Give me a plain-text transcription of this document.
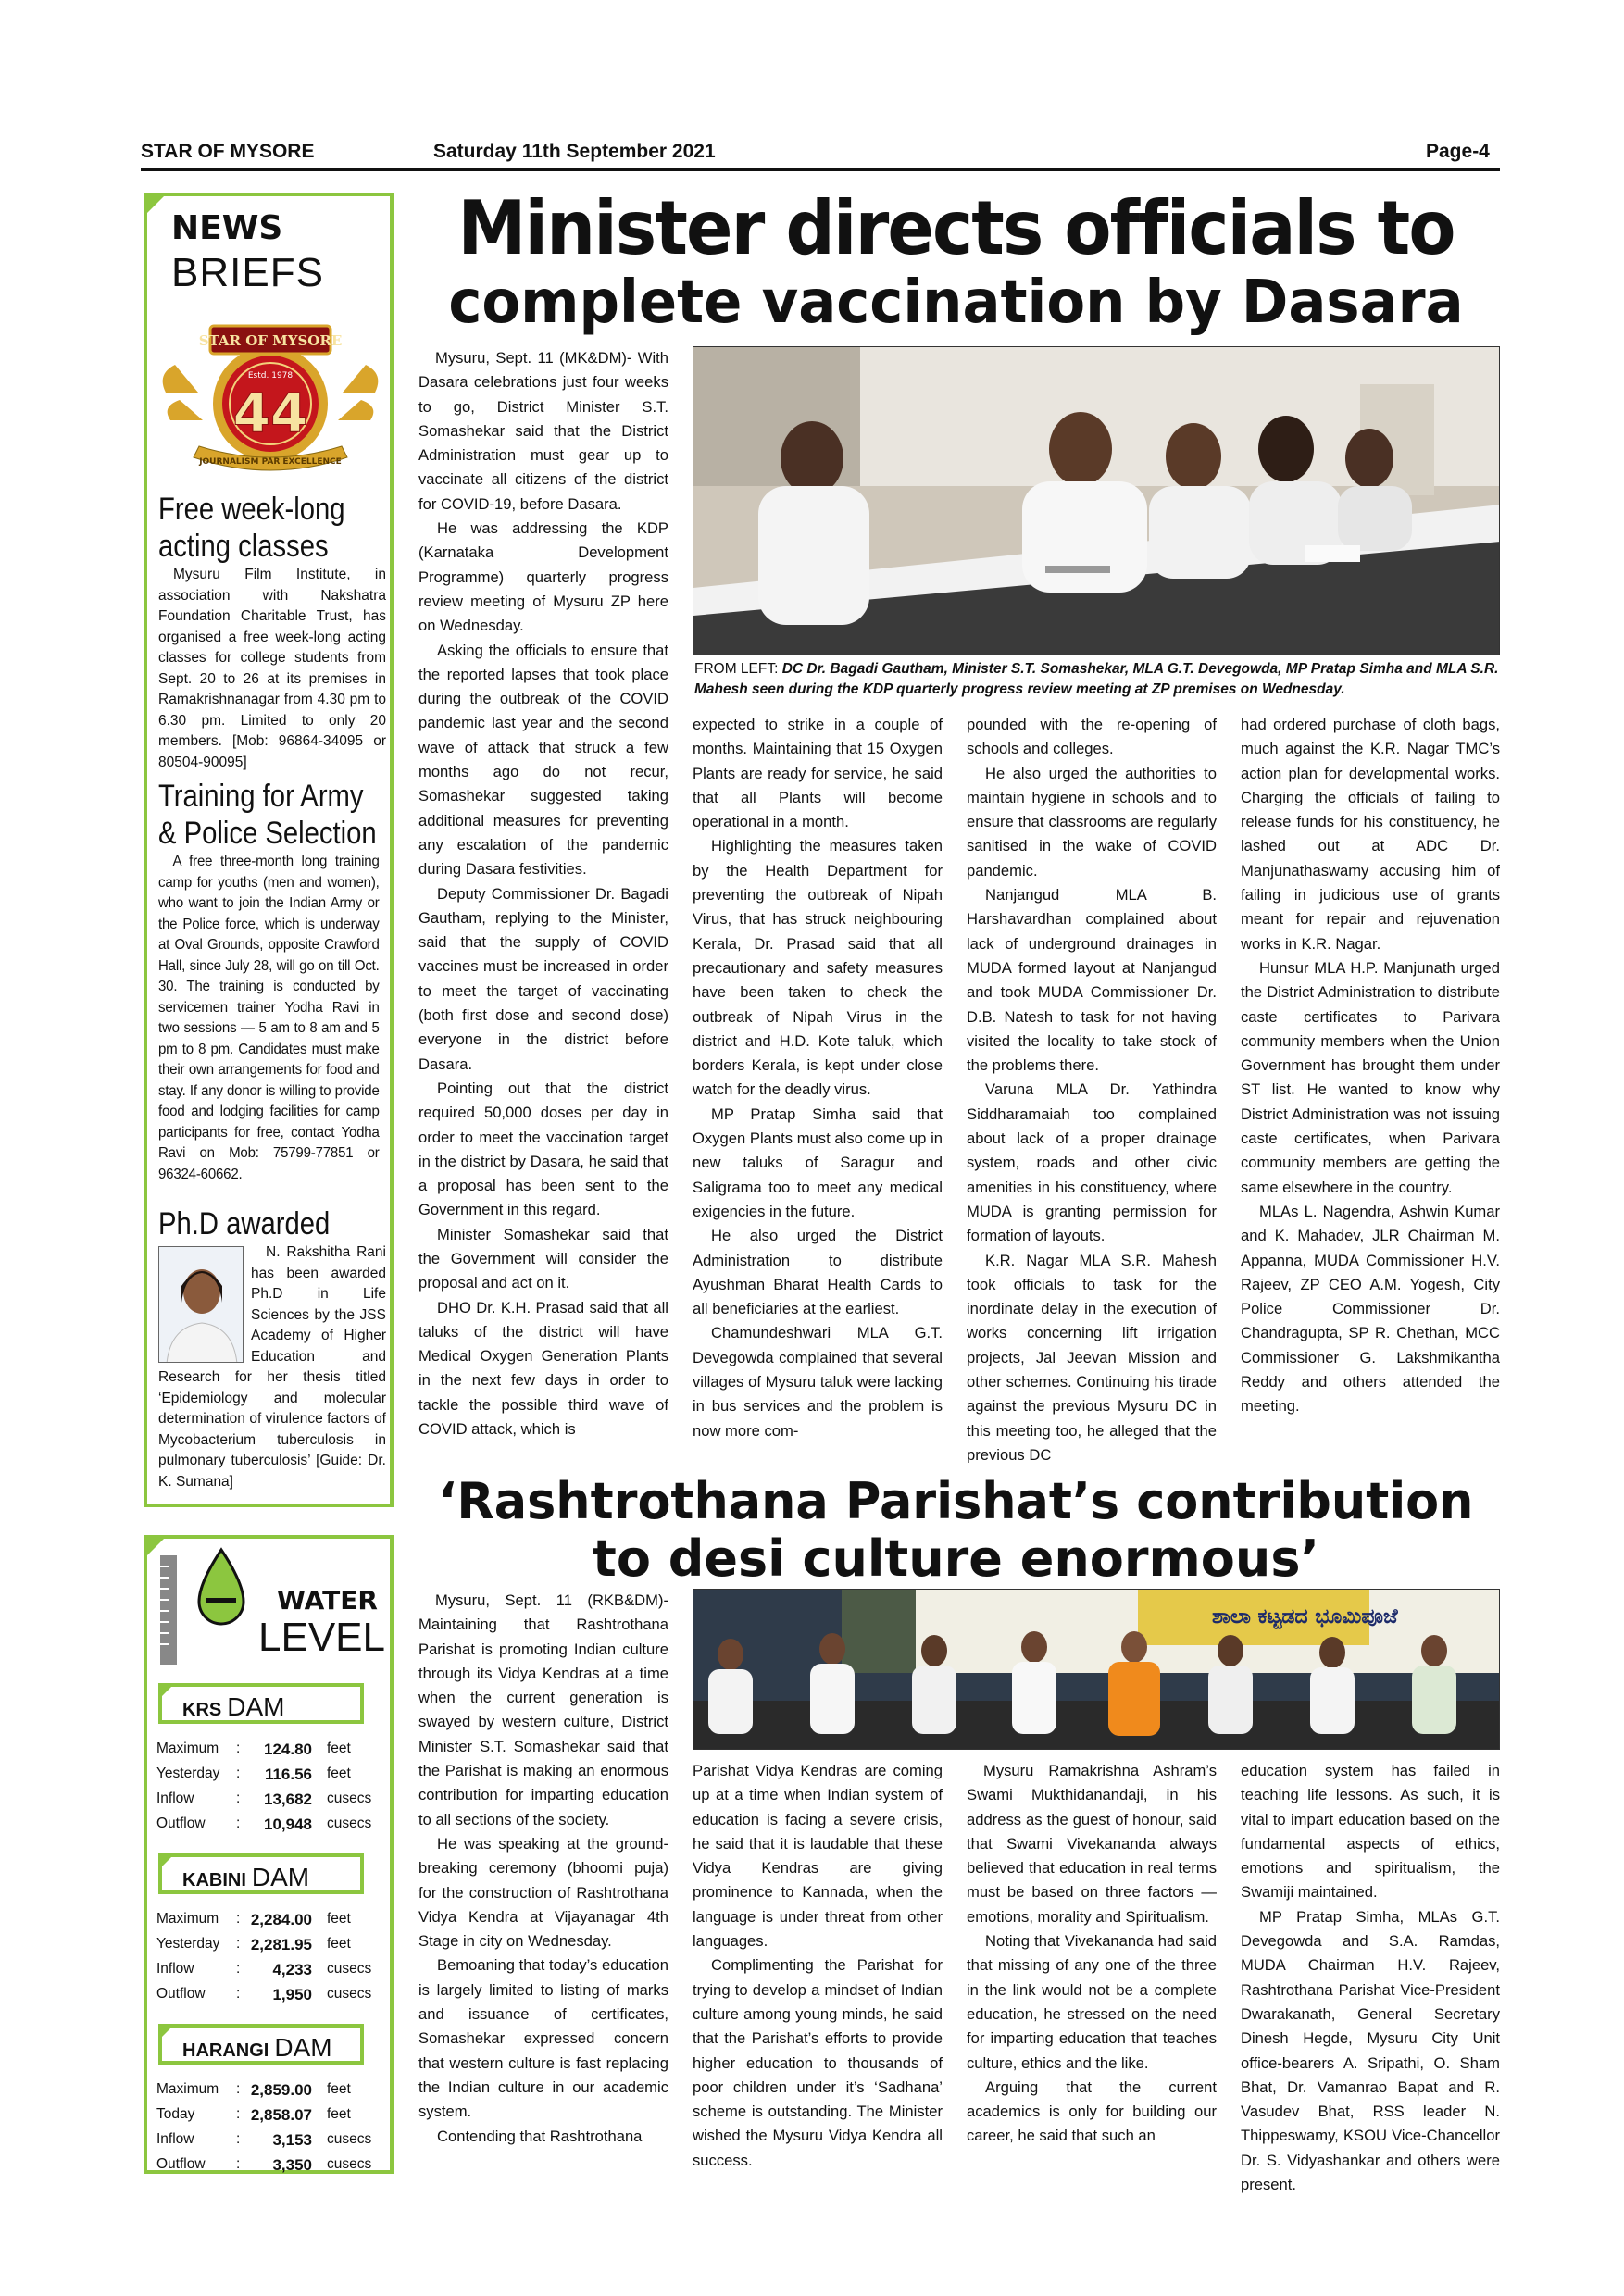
STAR OF MYSORE	Saturday 11th September 2021	Page-4
NEWS
BRIEFS
STAR OF MYSORE
Estd. 1978
44
JOURNALISM PAR EXCELLENCE
Free week-long
acting classes
Mysuru Film Institute, in association with Nakshatra Foundation Charitable Trust, has organised a free week-long acting classes for college students from Sept. 20 to 26 at its premises in Ramakrishnanagar from 4.30 pm to 6.30 pm. Limited to only 20 members. [Mob: 96864-34095 or 80504-90095]
Training for Army
& Police Selection
A free three-month long training camp for youths (men and women), who want to join the Indian Army or the Police force, which is underway at Oval Grounds, opposite Crawford Hall, since July 28, will go on till Oct. 30. The training is conducted by servicemen trainer Yodha Ravi in two sessions — 5 am to 8 am and 5 pm to 8 pm. Candidates must make their own arrangements for food and stay. If any donor is willing to provide food and lodging facilities for camp participants for free, contact Yodha Ravi on Mob: 75799-77851 or 96324-60662.
Ph.D awarded
N. Rakshitha Rani has been awarded Ph.D in Life Sciences by the JSS Academy of Higher Education and Research for her thesis titled ‘Epidemiology and molecular determination of virulence factors of Mycobacterium tuberculosis in pulmonary tuberculosis’ [Guide: Dr. K. Sumana]
WATER
LEVEL
KRS DAM
Maximum : 124.80 feet
Yesterday : 116.56 feet
Inflow	: 13,682 cusecs
Outflow : 10,948 cusecs
KABINI DAM
Maximum : 2,284.00 feet
Yesterday : 2,281.95 feet
Inflow	: 4,233 cusecs
Outflow : 1,950 cusecs
HARANGI DAM
Maximum : 2,859.00 feet
Today	: 2,858.07 feet
Inflow	: 3,153 cusecs
Outflow : 3,350 cusecs
Minister directs officials to
complete vaccination by Dasara

Mysuru, Sept. 11 (MK&DM)- With Dasara celebrations just four weeks to go, District Minister S.T. Somashekar said that the District Administration must gear up to vaccinate all citizens of the district for COVID-19, before Dasara.

He was addressing the KDP (Karnataka Development Programme) quarterly progress review meeting of Mysuru ZP here on Wednesday.

Asking the officials to ensure that the reported lapses that took place during the outbreak of the COVID pandemic last year and the second wave of attack that struck a few months ago do not recur, Somashekar suggested taking additional measures for preventing any escalation of the pandemic during Dasara festivities.

Deputy Commissioner Dr. Bagadi Gautham, replying to the Minister, said that the supply of COVID vaccines must be increased in order to meet the target of vaccinating (both first dose and second dose) everyone in the district before Dasara.

Pointing out that the district required 50,000 doses per day in order to meet the vaccination target in the district by Dasara, he said that a proposal has been sent to the Government in this regard.

Minister Somashekar said that the Government will consider the proposal and act on it.

DHO Dr. K.H. Prasad said that all taluks of the district will have Medical Oxygen Generation Plants in the next few days in order to tackle the possible third wave of COVID attack, which is

FROM LEFT: DC Dr. Bagadi Gautham, Minister S.T. Somashekar, MLA G.T. Devegowda, MP Pratap Simha and MLA S.R. Mahesh seen during the KDP quarterly progress review meeting at ZP premises on Wednesday.

expected to strike in a couple of months. Maintaining that 15 Oxygen Plants are ready for service, he said that all Plants will become operational in a month.

Highlighting the measures taken by the Health Department for preventing the outbreak of Nipah Virus, that has struck neighbouring Kerala, Dr. Prasad said that all precautionary and safety measures have been taken to check the outbreak of Nipah Virus in the district and H.D. Kote taluk, which borders Kerala, is kept under close watch for the deadly virus.

MP Pratap Simha said that Oxygen Plants must also come up in new taluks of Saragur and Saligrama too to meet any medical exigencies in the future.

He also urged the District Administration to distribute Ayushman Bharat Health Cards to all beneficiaries at the earliest.

Chamundeshwari MLA G.T. Devegowda complained that several villages of Mysuru taluk were lacking in bus services and the problem is now more com-

pounded with the re-opening of schools and colleges.

He also urged the authorities to maintain hygiene in schools and to ensure that classrooms are regularly sanitised in the wake of COVID pandemic.

Nanjangud MLA B. Harshavardhan complained about lack of underground drainages in MUDA formed layout at Nanjangud and took MUDA Commissioner Dr. D.B. Natesh to task for not having visited the locality to take stock of the problems there.

Varuna MLA Dr. Yathindra Siddharamaiah too complained about lack of a proper drainage system, roads and other civic amenities in his constituency, where MUDA is granting permission for formation of layouts.

K.R. Nagar MLA S.R. Mahesh took officials to task for the inordinate delay in the execution of works concerning lift irrigation projects, Jal Jeevan Mission and other schemes. Continuing his tirade against the previous Mysuru DC in this meeting too, he alleged that the previous DC

had ordered purchase of cloth bags, much against the K.R. Nagar TMC’s action plan for developmental works. Charging the officials of failing to release funds for his constituency, he lashed out at ADC Dr. Manjunathaswamy accusing him of failing in judicious use of grants meant for repair and rejuvenation works in K.R. Nagar.

Hunsur MLA H.P. Manjunath urged the District Administration to distribute caste certificates to Parivara community members when the Union Government has brought them under ST list. He wanted to know why District Administration was not issuing caste certificates, when Parivara community members are getting the same elsewhere in the country.

MLAs L. Nagendra, Ashwin Kumar and K. Mahadev, JLR Chairman M. Appanna, MUDA Commissioner H.V. Rajeev, ZP CEO A.M. Yogesh, City Police Commissioner Dr. Chandragupta, SP R. Chethan, MCC Commissioner G. Lakshmikantha Reddy and others attended the meeting.

‘Rashtrothana Parishat’s contribution
to desi culture enormous’

Mysuru, Sept. 11 (RKB&DM)- Maintaining that Rashtrothana Parishat is promoting Indian culture through its Vidya Kendras at a time when the current generation is swayed by western culture, District Minister S.T. Somashekar said that the Parishat is making an enormous contribution for imparting education to all sections of the society.

He was speaking at the ground-breaking ceremony (bhoomi puja) for the construction of Rashtrothana Vidya Kendra at Vijayanagar 4th Stage in city on Wednesday.

Bemoaning that today’s education is largely limited to listing of marks and issuance of certificates, Somashekar expressed concern that western culture is fast replacing the Indian culture in our academic system.

Contending that Rashtrothana

ಶಾಲಾ ಕಟ್ಟಡದ ಭೂಮಿಪೂಜೆ

Parishat Vidya Kendras are coming up at a time when Indian system of education is facing a severe crisis, he said that it is laudable that these Vidya Kendras are giving prominence to Kannada, when the language is under threat from other languages.

Complimenting the Parishat for trying to develop a mindset of Indian culture among young minds, he said that the Parishat’s efforts to provide higher education to thousands of poor children under it’s ‘Sadhana’ scheme is outstanding. The Minister wished the Mysuru Vidya Kendra all success.

Mysuru Ramakrishna Ashram’s Swami Mukthidanandaji, in his address as the guest of honour, said that Swami Vivekananda always believed that education in real terms must be based on three factors — emotions, morality and Spiritualism.

Noting that Vivekananda had said that missing of any one of the three in the link would not be a complete education, he stressed on the need for imparting education that teaches culture, ethics and the like.

Arguing that the current academics is only for building our career, he said that such an

education system has failed in teaching life lessons. As such, it is vital to impart education based on the fundamental aspects of ethics, emotions and spiritualism, the Swamiji maintained.

MP Pratap Simha, MLAs G.T. Devegowda and S.A. Ramdas, MUDA Chairman H.V. Rajeev, Rashtrothana Parishat Vice-President Dwarakanath, General Secretary Dinesh Hegde, Mysuru City Unit office-bearers A. Sripathi, O. Sham Bhat, Dr. Vamanrao Bapat and R. Vasudev Bhat, RSS leader N. Thippeswamy, KSOU Vice-Chancellor Dr. S. Vidyashankar and others were present.
